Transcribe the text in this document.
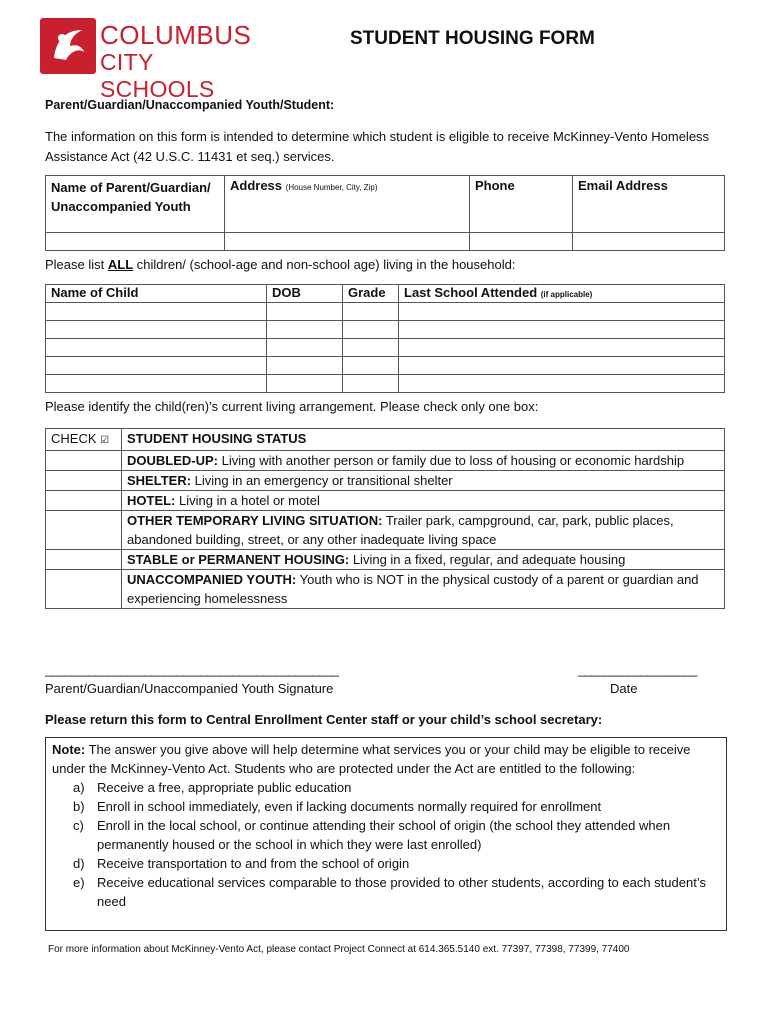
COLUMBUS
CITY SCHOOLS
STUDENT HOUSING FORM
Parent/Guardian/Unaccompanied Youth/Student:
The information on this form is intended to determine which student is eligible to receive McKinney-Vento Homeless Assistance Act (42 U.S.C. 11431 et seq.) services.
Name of Parent/Guardian/ Unaccompanied Youth	Address (House Number, City, Zip)	Phone	Email Address

Please list ALL children/ (school-age and non-school age) living in the household:
Name of Child	DOB	Grade	Last School Attended (if applicable)

Please identify the child(ren)’s current living arrangement. Please check only one box:
CHECK ☑	STUDENT HOUSING STATUS
	DOUBLED-UP: Living with another person or family due to loss of housing or economic hardship
	SHELTER: Living in an emergency or transitional shelter
	HOTEL: Living in a hotel or motel
	OTHER TEMPORARY LIVING SITUATION: Trailer park, campground, car, park, public places, abandoned building, street, or any other inadequate living space
	STABLE or PERMANENT HOUSING: Living in a fixed, regular, and adequate housing
	UNACCOMPANIED YOUTH: Youth who is NOT in the physical custody of a parent or guardian and experiencing homelessness
_______________________________________________	___________________
Parent/Guardian/Unaccompanied Youth Signature	Date
Please return this form to Central Enrollment Center staff or your child’s school secretary:
Note: The answer you give above will help determine what services you or your child may be eligible to receive under the McKinney-Vento Act. Students who are protected under the Act are entitled to the following:
a) Receive a free, appropriate public education
b) Enroll in school immediately, even if lacking documents normally required for enrollment
c) Enroll in the local school, or continue attending their school of origin (the school they attended when permanently housed or the school in which they were last enrolled)
d) Receive transportation to and from the school of origin
e) Receive educational services comparable to those provided to other students, according to each student’s need
For more information about McKinney-Vento Act, please contact Project Connect at 614.365.5140 ext. 77397, 77398, 77399, 77400
